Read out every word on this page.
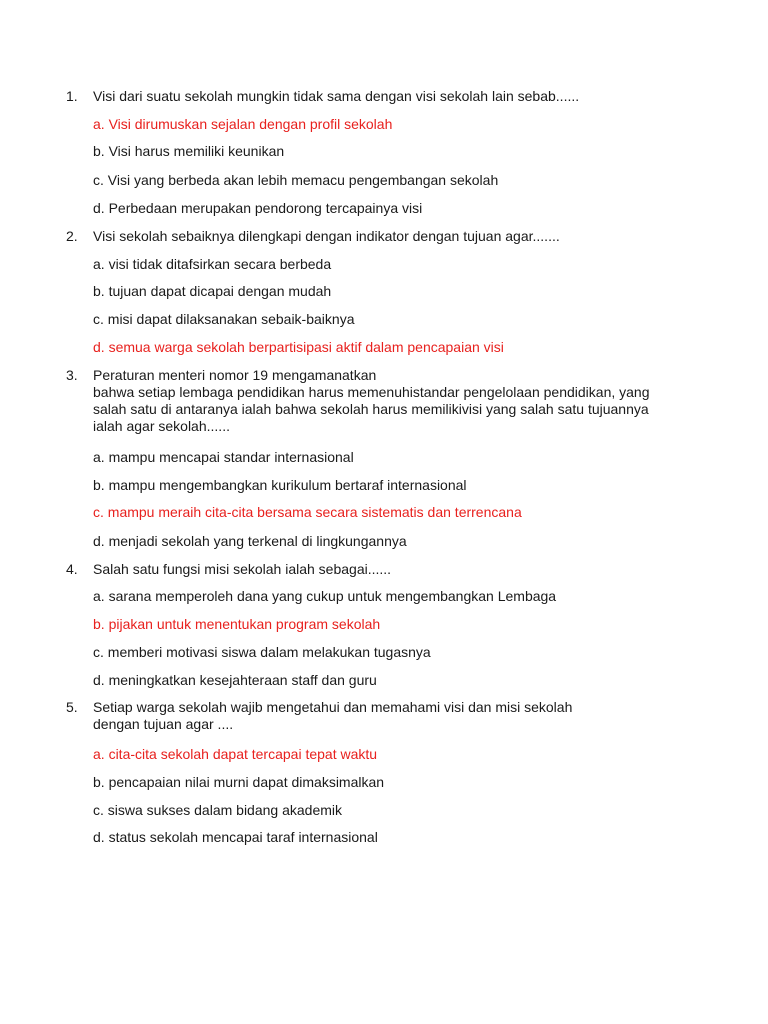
1. Visi dari suatu sekolah mungkin tidak sama dengan visi sekolah lain sebab......
a. Visi dirumuskan sejalan dengan profil sekolah
b. Visi harus memiliki keunikan
c. Visi yang berbeda akan lebih memacu pengembangan sekolah
d. Perbedaan merupakan pendorong tercapainya visi
2. Visi sekolah sebaiknya dilengkapi dengan indikator dengan tujuan agar.......
a. visi tidak ditafsirkan secara berbeda
b. tujuan dapat dicapai dengan mudah
c. misi dapat dilaksanakan sebaik-baiknya
d. semua warga sekolah berpartisipasi aktif dalam pencapaian visi
3. Peraturan menteri nomor 19 mengamanatkan
bahwa setiap lembaga pendidikan harus memenuhistandar pengelolaan pendidikan, yang
salah satu di antaranya ialah bahwa sekolah harus memilikivisi yang salah satu tujuannya
ialah agar sekolah......
a. mampu mencapai standar internasional
b. mampu mengembangkan kurikulum bertaraf internasional
c. mampu meraih cita-cita bersama secara sistematis dan terrencana
d. menjadi sekolah yang terkenal di lingkungannya
4. Salah satu fungsi misi sekolah ialah sebagai......
a. sarana memperoleh dana yang cukup untuk mengembangkan Lembaga
b. pijakan untuk menentukan program sekolah
c. memberi motivasi siswa dalam melakukan tugasnya
d. meningkatkan kesejahteraan staff dan guru
5. Setiap warga sekolah wajib mengetahui dan memahami visi dan misi sekolah
dengan tujuan agar ....
a. cita-cita sekolah dapat tercapai tepat waktu
b. pencapaian nilai murni dapat dimaksimalkan
c. siswa sukses dalam bidang akademik
d. status sekolah mencapai taraf internasional
